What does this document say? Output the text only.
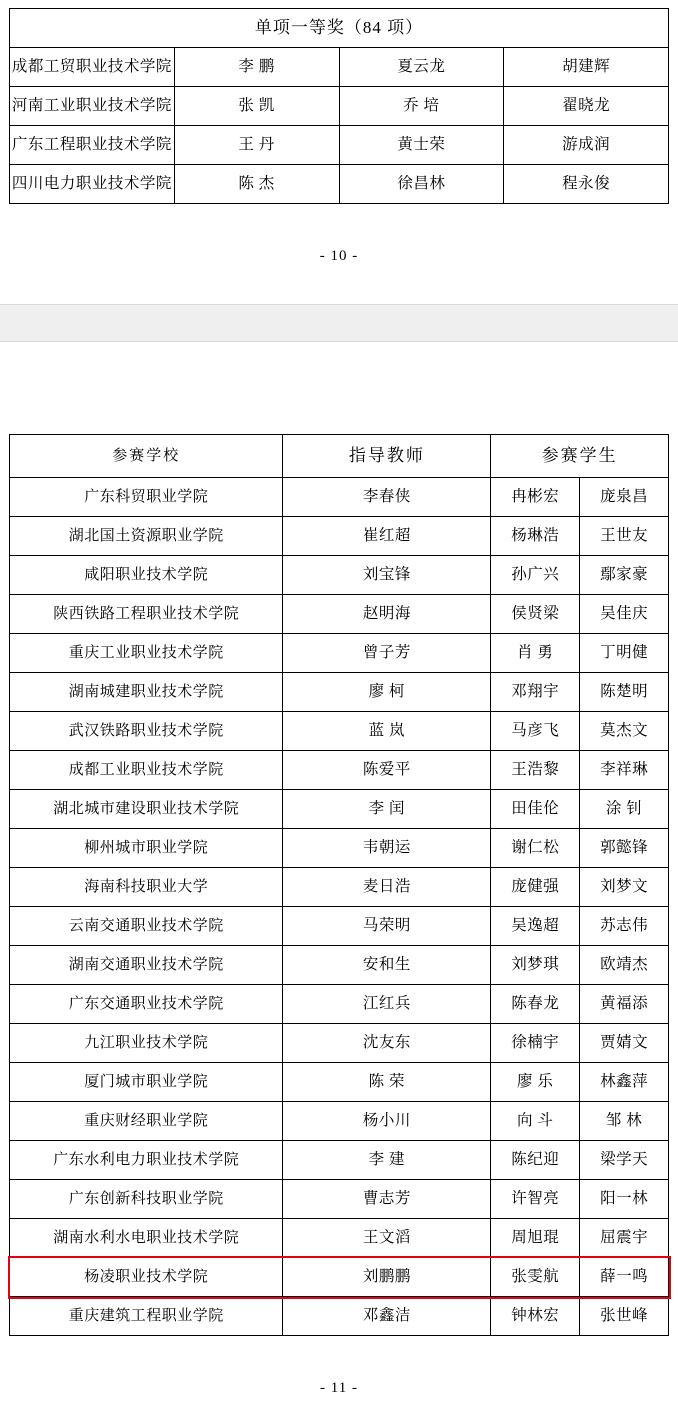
单项一等奖（84 项）			
成都工贸职业技术学院	李 鹏	夏云龙	胡建辉
河南工业职业技术学院	张 凯	乔 培	翟晓龙
广东工程职业技术学院	王 丹	黄士荣	游成润
四川电力职业技术学院	陈 杰	徐昌林	程永俊
- 10 -
参赛学校	指导教师	参赛学生	
广东科贸职业学院	李春侠	冉彬宏	庞泉昌
湖北国土资源职业学院	崔红超	杨琳浩	王世友
咸阳职业技术学院	刘宝锋	孙广兴	鄢家豪
陕西铁路工程职业技术学院	赵明海	侯贤梁	吴佳庆
重庆工业职业技术学院	曾子芳	肖 勇	丁明健
湖南城建职业技术学院	廖 柯	邓翔宇	陈楚明
武汉铁路职业技术学院	蓝 岚	马彦飞	莫杰文
成都工业职业技术学院	陈爱平	王浩黎	李祥琳
湖北城市建设职业技术学院	李 闰	田佳伦	涂 钊
柳州城市职业学院	韦朝运	谢仁松	郭懿锋
海南科技职业大学	麦日浩	庞健强	刘梦文
云南交通职业技术学院	马荣明	吴逸超	苏志伟
湖南交通职业技术学院	安和生	刘梦琪	欧靖杰
广东交通职业技术学院	江红兵	陈春龙	黄福添
九江职业技术学院	沈友东	徐楠宇	贾婧文
厦门城市职业学院	陈 荣	廖 乐	林鑫萍
重庆财经职业学院	杨小川	向 斗	邹 林
广东水利电力职业技术学院	李 建	陈纪迎	梁学天
广东创新科技职业学院	曹志芳	许智亮	阳一林
湖南水利水电职业技术学院	王文滔	周旭琨	屈震宇
杨凌职业技术学院	刘鹏鹏	张雯航	薛一鸣
重庆建筑工程职业学院	邓鑫洁	钟林宏	张世峰
- 11 -
